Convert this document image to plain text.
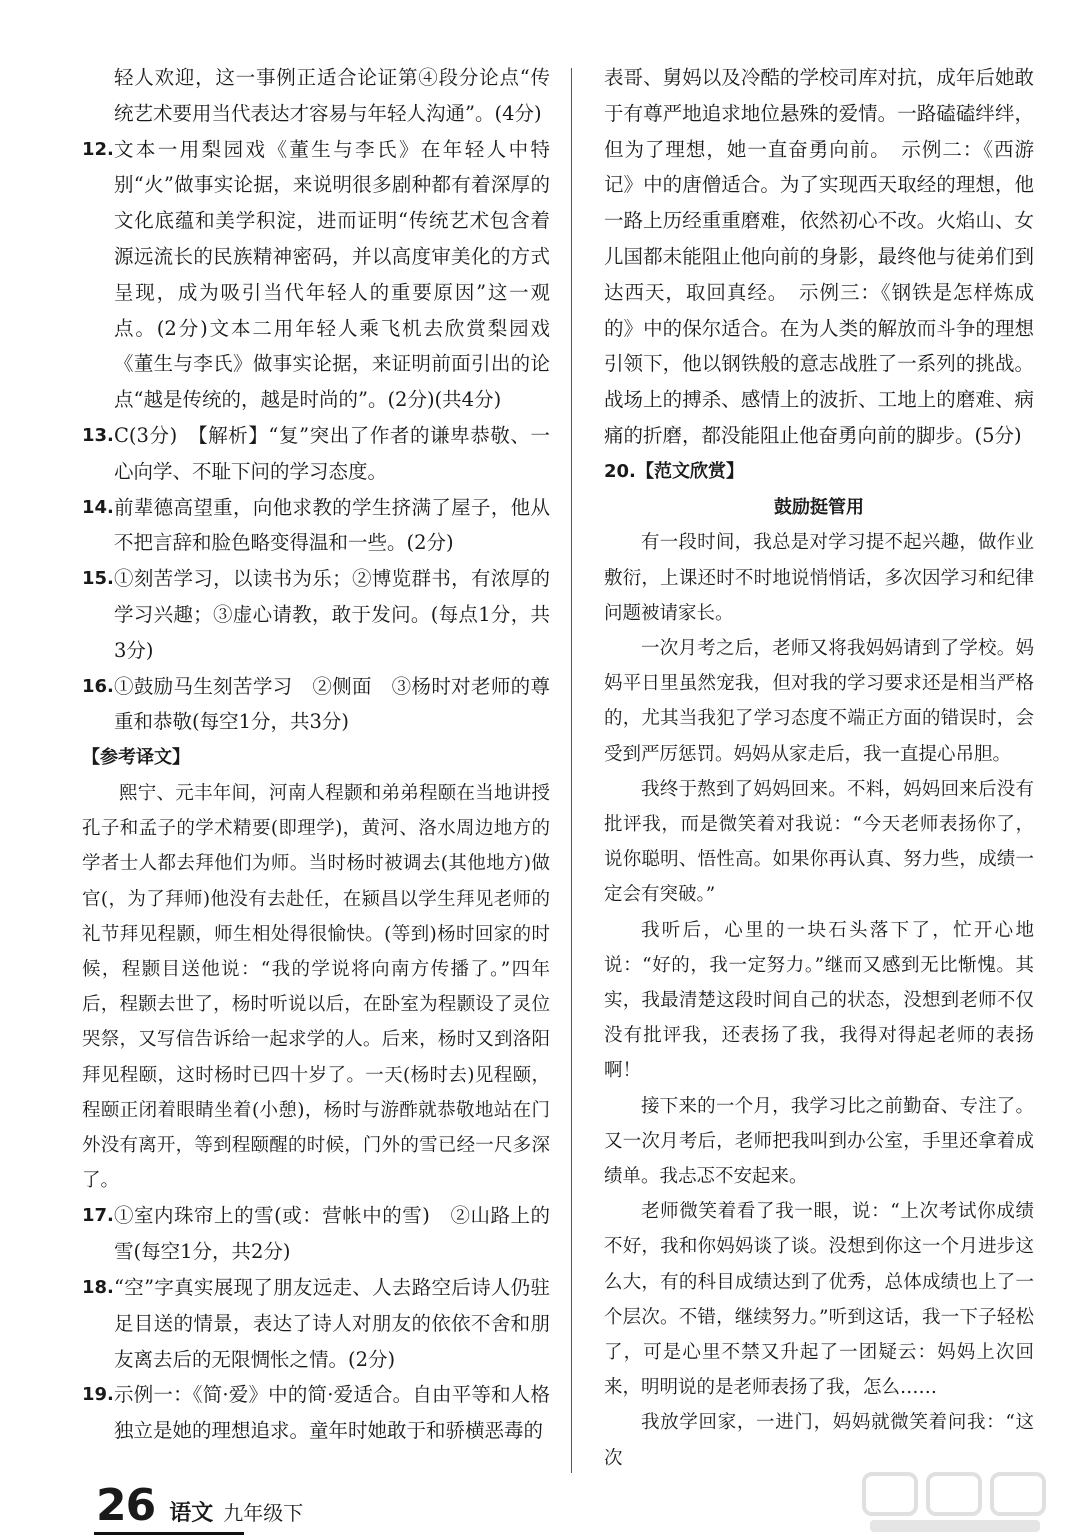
轻人欢迎，这一事例正适合论证第④段分论点“传统艺术要用当代表达才容易与年轻人沟通”。(4分)

12. 文本一用梨园戏《董生与李氏》在年轻人中特别“火”做事实论据，来说明很多剧种都有着深厚的文化底蕴和美学积淀，进而证明“传统艺术包含着源远流长的民族精神密码，并以高度审美化的方式呈现，成为吸引当代年轻人的重要原因”这一观点。(2分)文本二用年轻人乘飞机去欣赏梨园戏《董生与李氏》做事实论据，来证明前面引出的论点“越是传统的，越是时尚的”。(2分)(共4分)

13. C(3分)　【解析】“复”突出了作者的谦卑恭敬、一心向学、不耻下问的学习态度。

14. 前辈德高望重，向他求教的学生挤满了屋子，他从不把言辞和脸色略变得温和一些。(2分)

15. ①刻苦学习，以读书为乐；②博览群书，有浓厚的学习兴趣；③虚心请教，敢于发问。(每点1分，共3分)

16. ①鼓励马生刻苦学习　②侧面　③杨时对老师的尊重和恭敬(每空1分，共3分)

【参考译文】

熙宁、元丰年间，河南人程颢和弟弟程颐在当地讲授孔子和孟子的学术精要(即理学)，黄河、洛水周边地方的学者士人都去拜他们为师。当时杨时被调去(其他地方)做官(，为了拜师)他没有去赴任，在颍昌以学生拜见老师的礼节拜见程颢，师生相处得很愉快。(等到)杨时回家的时候，程颢目送他说：“我的学说将向南方传播了。”四年后，程颢去世了，杨时听说以后，在卧室为程颢设了灵位哭祭，又写信告诉给一起求学的人。后来，杨时又到洛阳拜见程颐，这时杨时已四十岁了。一天(杨时去)见程颐，程颐正闭着眼睛坐着(小憩)，杨时与游酢就恭敬地站在门外没有离开，等到程颐醒的时候，门外的雪已经一尺多深了。

17. ①室内珠帘上的雪(或：营帐中的雪)　②山路上的雪(每空1分，共2分)

18. “空”字真实展现了朋友远走、人去路空后诗人仍驻足目送的情景，表达了诗人对朋友的依依不舍和朋友离去后的无限惆怅之情。(2分)

19. 示例一：《简·爱》中的简·爱适合。自由平等和人格独立是她的理想追求。童年时她敢于和骄横恶毒的

表哥、舅妈以及冷酷的学校司库对抗，成年后她敢于有尊严地追求地位悬殊的爱情。一路磕磕绊绊，但为了理想，她一直奋勇向前。　示例二：《西游记》中的唐僧适合。为了实现西天取经的理想，他一路上历经重重磨难，依然初心不改。火焰山、女儿国都未能阻止他向前的身影，最终他与徒弟们到达西天，取回真经。　示例三：《钢铁是怎样炼成的》中的保尔适合。在为人类的解放而斗争的理想引领下，他以钢铁般的意志战胜了一系列的挑战。战场上的搏杀、感情上的波折、工地上的磨难、病痛的折磨，都没能阻止他奋勇向前的脚步。(5分)

20. 【范文欣赏】

鼓励挺管用

有一段时间，我总是对学习提不起兴趣，做作业敷衍，上课还时不时地说悄悄话，多次因学习和纪律问题被请家长。

一次月考之后，老师又将我妈妈请到了学校。妈妈平日里虽然宠我，但对我的学习要求还是相当严格的，尤其当我犯了学习态度不端正方面的错误时，会受到严厉惩罚。妈妈从家走后，我一直提心吊胆。

我终于熬到了妈妈回来。不料，妈妈回来后没有批评我，而是微笑着对我说：“今天老师表扬你了，说你聪明、悟性高。如果你再认真、努力些，成绩一定会有突破。”

我听后，心里的一块石头落下了，忙开心地说：“好的，我一定努力。”继而又感到无比惭愧。其实，我最清楚这段时间自己的状态，没想到老师不仅没有批评我，还表扬了我，我得对得起老师的表扬啊！

接下来的一个月，我学习比之前勤奋、专注了。又一次月考后，老师把我叫到办公室，手里还拿着成绩单。我忐忑不安起来。

老师微笑着看了我一眼，说：“上次考试你成绩不好，我和你妈妈谈了谈。没想到你这一个月进步这么大，有的科目成绩达到了优秀，总体成绩也上了一个层次。不错，继续努力。”听到这话，我一下子轻松了，可是心里不禁又升起了一团疑云：妈妈上次回来，明明说的是老师表扬了我，怎么……

我放学回家，一进门，妈妈就微笑着问我：“这次

26 语文 九年级下
